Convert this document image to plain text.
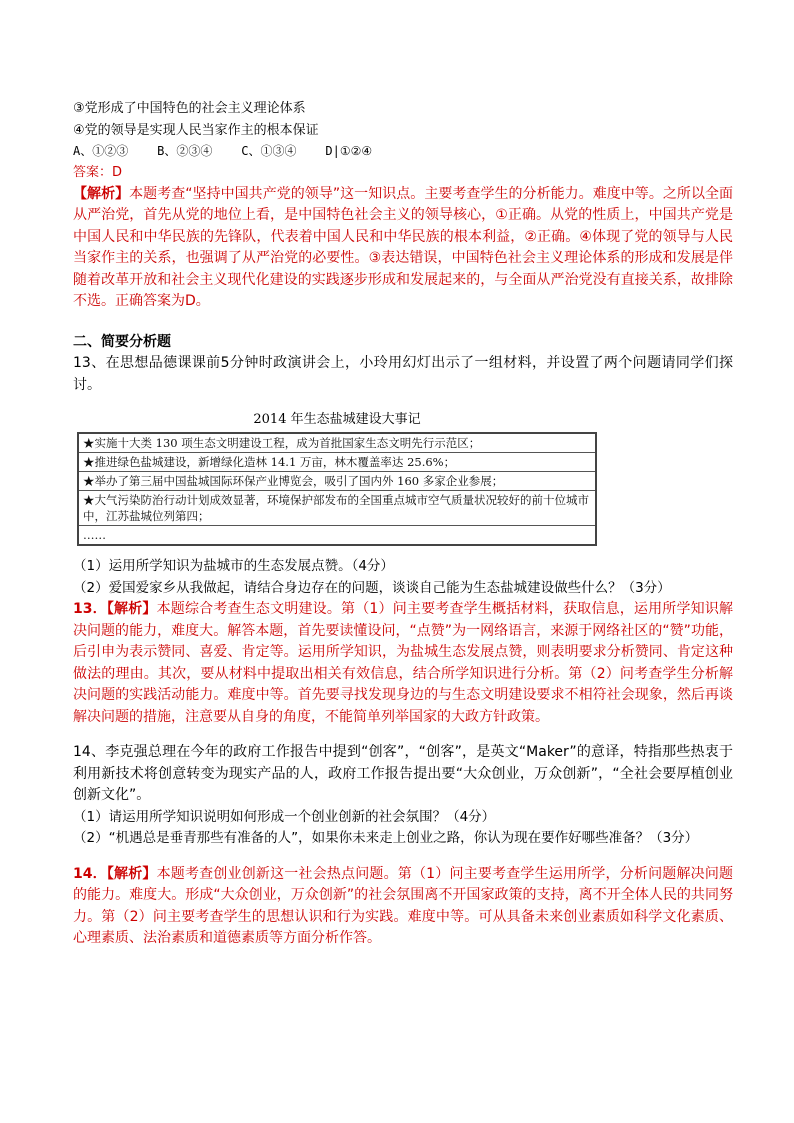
③党形成了中国特色的社会主义理论体系
④党的领导是实现人民当家作主的根本保证
A、①②③    B、②③④    C、①③④    D|①②④
答案：D
【解析】本题考查“坚持中国共产党的领导”这一知识点。主要考查学生的分析能力。难度中等。之所以全面从严治党，首先从党的地位上看，是中国特色社会主义的领导核心，①正确。从党的性质上，中国共产党是中国人民和中华民族的先锋队，代表着中国人民和中华民族的根本利益，②正确。④体现了党的领导与人民当家作主的关系，也强调了从严治党的必要性。③表达错误，中国特色社会主义理论体系的形成和发展是伴随着改革开放和社会主义现代化建设的实践逐步形成和发展起来的，与全面从严治党没有直接关系，故排除不选。正确答案为D。
二、简要分析题
13、在思想品德课课前5分钟时政演讲会上，小玲用幻灯出示了一组材料，并设置了两个问题请同学们探讨。
2014 年生态盐城建设大事记
★实施十大类 130 项生态文明建设工程，成为首批国家生态文明先行示范区；
★推进绿色盐城建设，新增绿化造林 14.1 万亩，林木覆盖率达 25.6%；
★举办了第三届中国盐城国际环保产业博览会，吸引了国内外 160 多家企业参展；
★大气污染防治行动计划成效显著，环境保护部发布的全国重点城市空气质量状况较好的前十位城市中，江苏盐城位列第四；
……
（1）运用所学知识为盐城市的生态发展点赞。（4分）
（2）爱国爱家乡从我做起，请结合身边存在的问题，谈谈自己能为生态盐城建设做些什么？（3分）
13．【解析】本题综合考查生态文明建设。第（1）问主要考查学生概括材料，获取信息，运用所学知识解决问题的能力，难度大。解答本题，首先要读懂设问，“点赞”为一网络语言，来源于网络社区的“赞”功能，后引申为表示赞同、喜爱、肯定等。运用所学知识，为盐城生态发展点赞，则表明要求分析赞同、肯定这种做法的理由。其次，要从材料中提取出相关有效信息，结合所学知识进行分析。第（2）问考查学生分析解决问题的实践活动能力。难度中等。首先要寻找发现身边的与生态文明建设要求不相符社会现象，然后再谈解决问题的措施，注意要从自身的角度，不能简单列举国家的大政方针政策。
14、李克强总理在今年的政府工作报告中提到“创客”，“创客”，是英文“Maker”的意译，特指那些热衷于利用新技术将创意转变为现实产品的人，政府工作报告提出要“大众创业，万众创新”，“全社会要厚植创业创新文化”。
（1）请运用所学知识说明如何形成一个创业创新的社会氛围？（4分）
（2）“机遇总是垂青那些有准备的人”，如果你未来走上创业之路，你认为现在要作好哪些准备？（3分）
14．【解析】本题考查创业创新这一社会热点问题。第（1）问主要考查学生运用所学，分析问题解决问题的能力。难度大。形成“大众创业，万众创新”的社会氛围离不开国家政策的支持，离不开全体人民的共同努力。第（2）问主要考查学生的思想认识和行为实践。难度中等。可从具备未来创业素质如科学文化素质、心理素质、法治素质和道德素质等方面分析作答。
